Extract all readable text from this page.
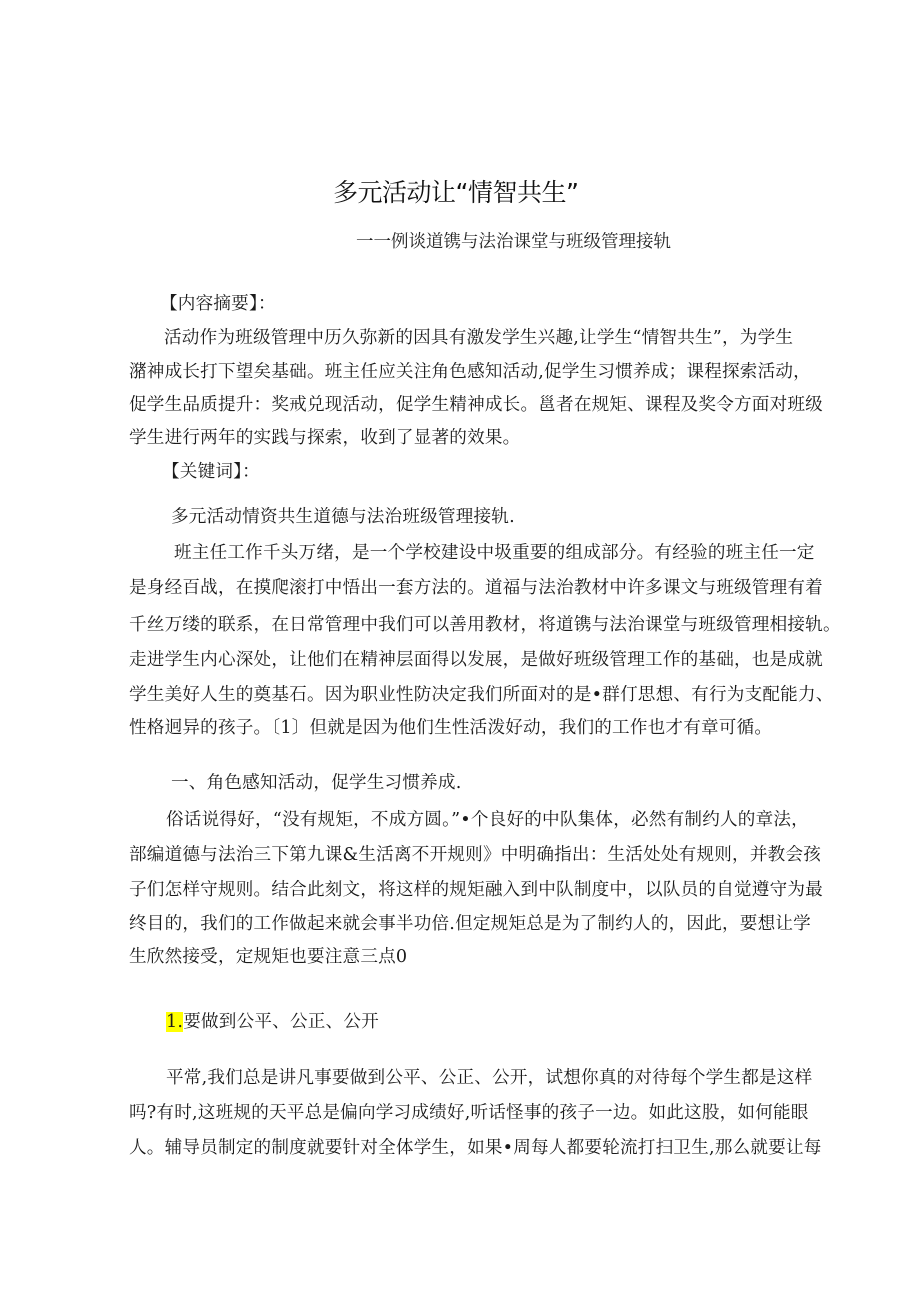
多元活动让“情智共生”
一一例谈道镌与法治课堂与班级管理接轨
【内容摘要】：
活动作为班级管理中历久弥新的因具有激发学生兴趣,让学生“情智共生”，为学生
潴神成长打下望矣基础。班主任应关注角色感知活动,促学生习惯养成；课程探索活动，
促学生品质提升：奖戒兑现活动，促学生精神成长。邕者在规矩、课程及奖令方面对班级
学生进行两年的实践与探索，收到了显著的效果。
【关键词】：
多元活动情资共生道德与法治班级管理接轨.
班主任工作千头万绪，是一个学校建设中圾重要的组成部分。有经验的班主任一定
是身经百战，在摸爬滚打中悟出一套方法的。道福与法治教材中许多课文与班级管理有着
千丝万缕的联系，在日常管理中我们可以善用教材，将道镌与法治课堂与班级管理相接轨。
走进学生内心深处，让他们在精神层面得以发展，是做好班级管理工作的基础，也是成就
学生美好人生的奠基石。因为职业性防决定我们所面对的是•群仃思想、有行为支配能力、
性格迥异的孩子。〔1〕但就是因为他们生性活泼好动，我们的工作也才有章可循。
一、角色感知活动，促学生习惯养成.
俗话说得好，“没有规矩，不成方圆。”•个良好的中队集体，必然有制约人的章法，
部编道德与法治三下第九课&生活离不开规则》中明确指出：生活处处有规则，并教会孩
子们怎样守规则。结合此刻文，将这样的规矩融入到中队制度中，以队员的自觉遵守为最
终目的，我们的工作做起来就会事半功倍.但定规矩总是为了制约人的，因此，要想让学
生欣然接受，定规矩也要注意三点0
1.要做到公平、公正、公开
平常,我们总是讲凡事要做到公平、公正、公开，试想你真的对待每个学生都是这样
吗?有时,这班规的天平总是偏向学习成绩好,听话怪事的孩子一边。如此这股，如何能眼
人。辅导员制定的制度就要针对全体学生，如果•周每人都要轮流打扫卫生,那么就要让每
